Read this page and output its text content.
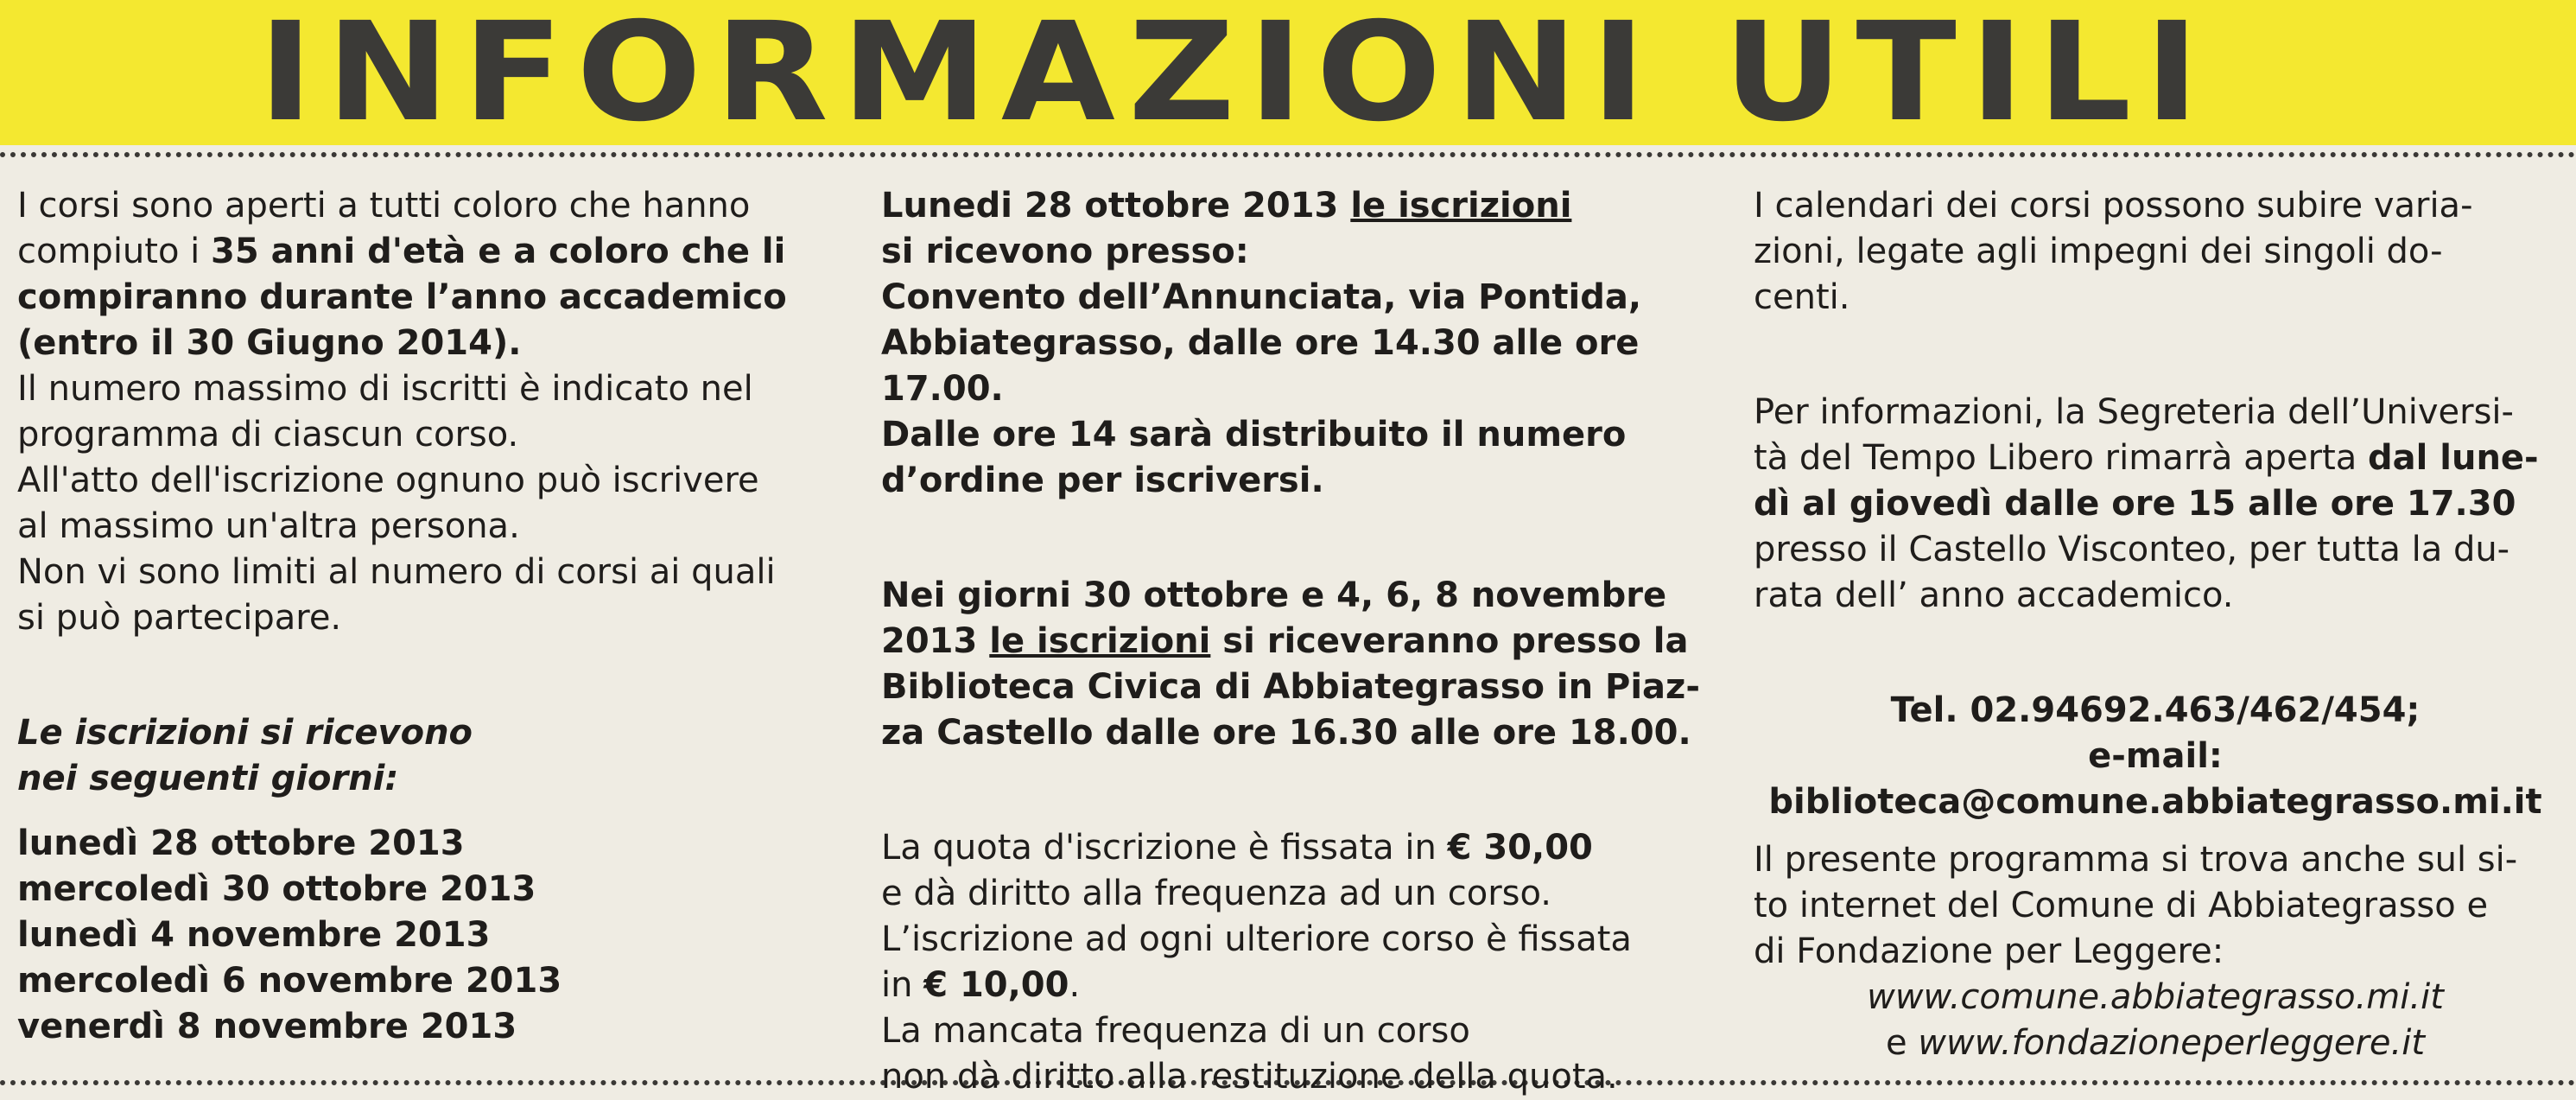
INFORMAZIONI UTILI

I corsi sono aperti a tutti coloro che hanno

compiuto i 35 anni d'età e a coloro che li

compiranno durante l’anno accademico

(entro il 30 Giugno 2014).

Il numero massimo di iscritti è indicato nel

programma di ciascun corso.

All'atto dell'iscrizione ognuno può iscrivere

al massimo un'altra persona.

Non vi sono limiti al numero di corsi ai quali

si può partecipare.

Le iscrizioni si ricevono

nei seguenti giorni:

lunedì 28 ottobre 2013

mercoledì 30 ottobre 2013

lunedì 4 novembre 2013

mercoledì 6 novembre 2013

venerdì 8 novembre 2013

Lunedi 28 ottobre 2013 le iscrizioni

si ricevono presso:

Convento dell’Annunciata, via Pontida,

Abbiategrasso, dalle ore 14.30 alle ore

17.00.

Dalle ore 14 sarà distribuito il numero

d’ordine per iscriversi.

Nei giorni 30 ottobre e 4, 6, 8 novembre

2013 le iscrizioni si riceveranno presso la

Biblioteca Civica di Abbiategrasso in Piaz-

za Castello dalle ore 16.30 alle ore 18.00.

La quota d'iscrizione è fissata in € 30,00

e dà diritto alla frequenza ad un corso.

L’iscrizione ad ogni ulteriore corso è fissata

in € 10,00.

La mancata frequenza di un corso

non dà diritto alla restituzione della quota.

I calendari dei corsi possono subire varia-

zioni, legate agli impegni dei singoli do-

centi.

Per informazioni, la Segreteria dell’Universi-

tà del Tempo Libero rimarrà aperta dal lune-

dì al giovedì dalle ore 15 alle ore 17.30

presso il Castello Visconteo, per tutta la du-

rata dell’ anno accademico.

Tel. 02.94692.463/462/454;

e-mail:

biblioteca@comune.abbiategrasso.mi.it

Il presente programma si trova anche sul si-

to internet del Comune di Abbiategrasso e

di Fondazione per Leggere:

www.comune.abbiategrasso.mi.it

e www.fondazioneperleggere.it
